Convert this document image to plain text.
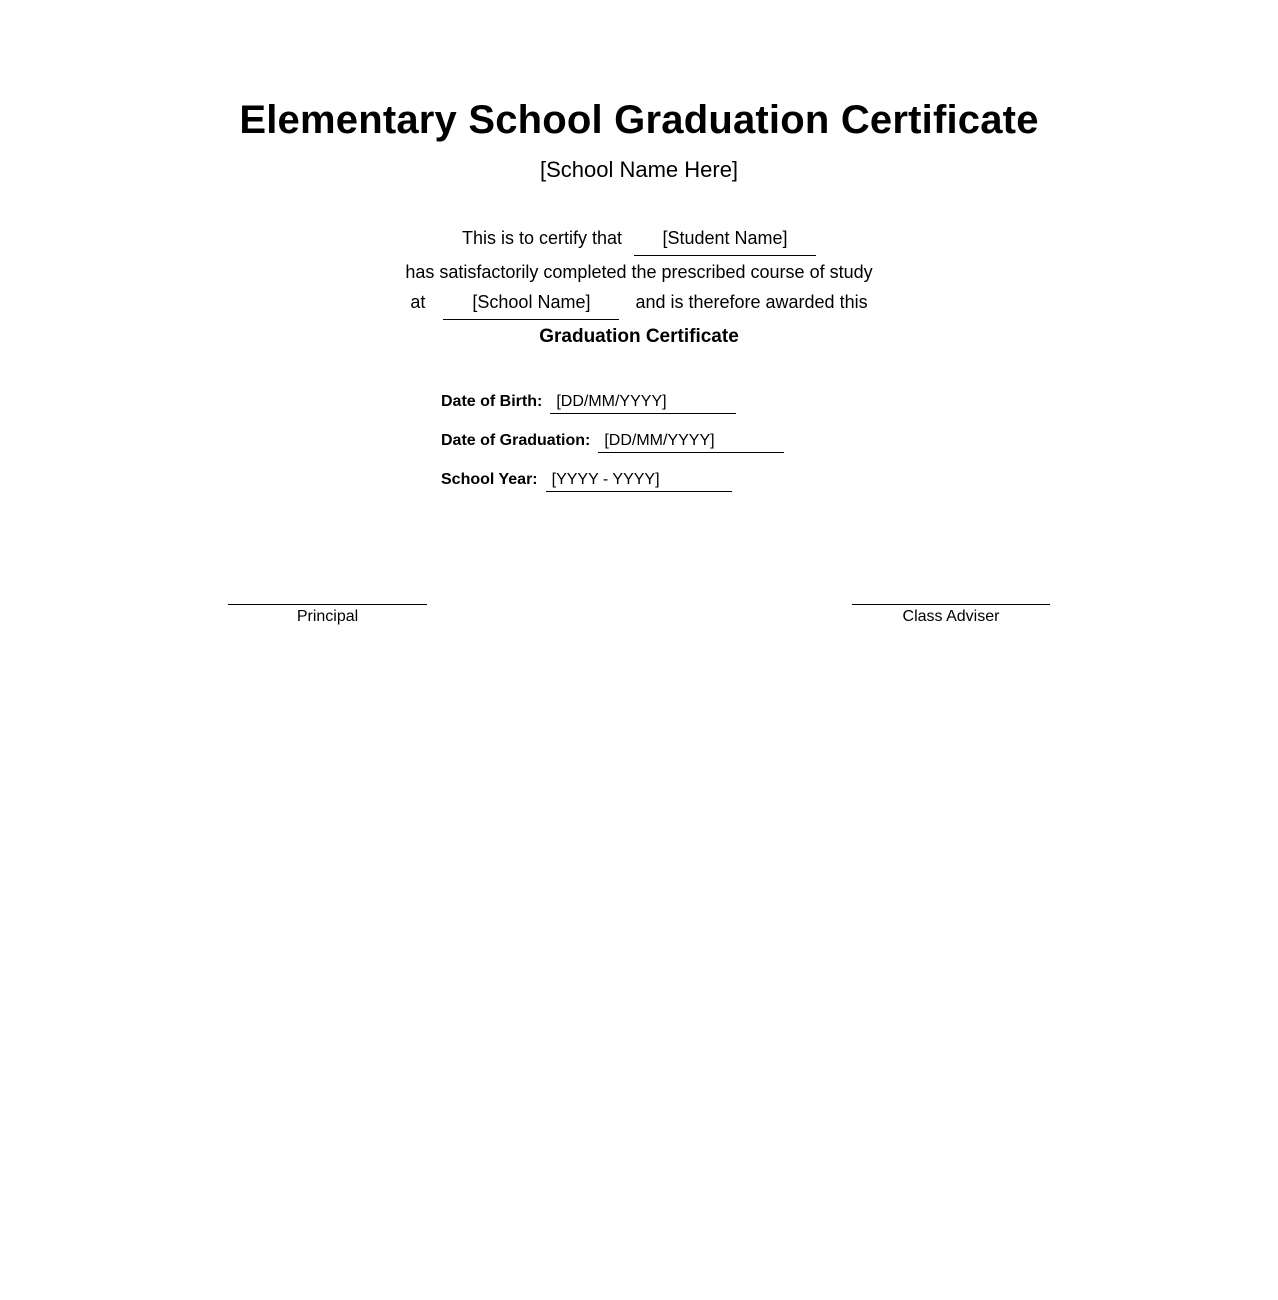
Elementary School Graduation Certificate
[School Name Here]
This is to certify that	[Student Name]
has satisfactorily completed the prescribed course of study
at	[School Name]	and is therefore awarded this
Graduation Certificate
Date of Birth: [DD/MM/YYYY]
Date of Graduation: [DD/MM/YYYY]
School Year: [YYYY - YYYY]
Principal	Class Adviser
